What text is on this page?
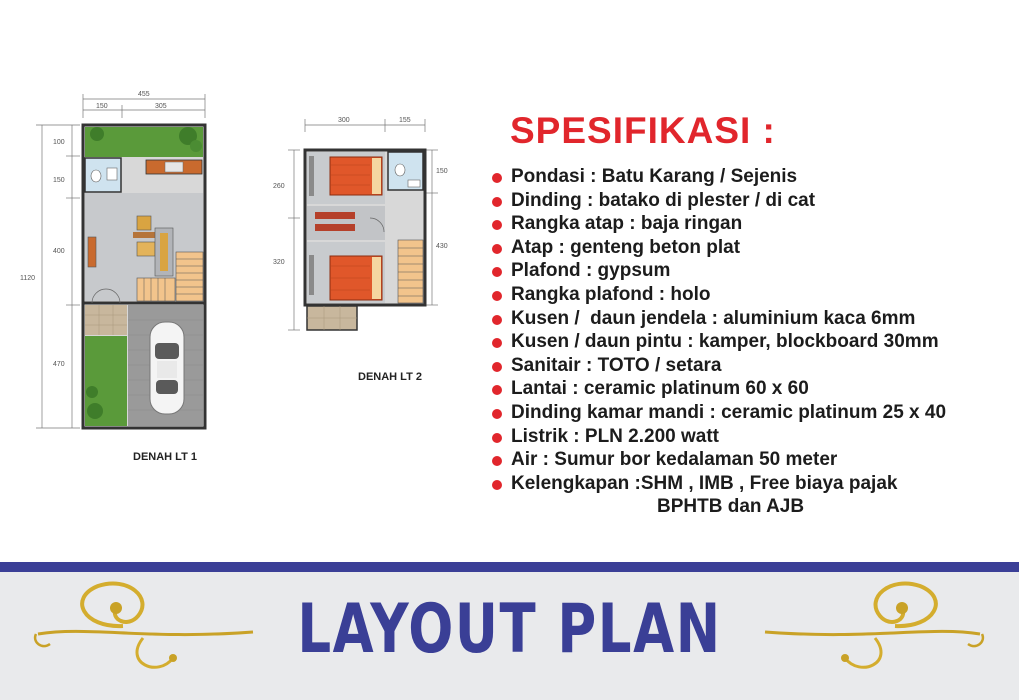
455
150	305
1120
100
150
400
470
300	155
260
320
150
430
DENAH LT 1
DENAH LT 2
SPESIFIKASI :
Pondasi : Batu Karang / Sejenis
Dinding : batako di plester / di cat
Rangka atap : baja ringan
Atap : genteng beton plat
Plafond : gypsum
Rangka plafond : holo
Kusen /  daun jendela : aluminium kaca 6mm
Kusen / daun pintu : kamper, blockboard 30mm
Sanitair : TOTO / setara
Lantai : ceramic platinum 60 x 60
Dinding kamar mandi : ceramic platinum 25 x 40
Listrik : PLN 2.200 watt
Air : Sumur bor kedalaman 50 meter
Kelengkapan :SHM , IMB , Free biaya pajak
BPHTB dan AJB
LAYOUT PLAN
